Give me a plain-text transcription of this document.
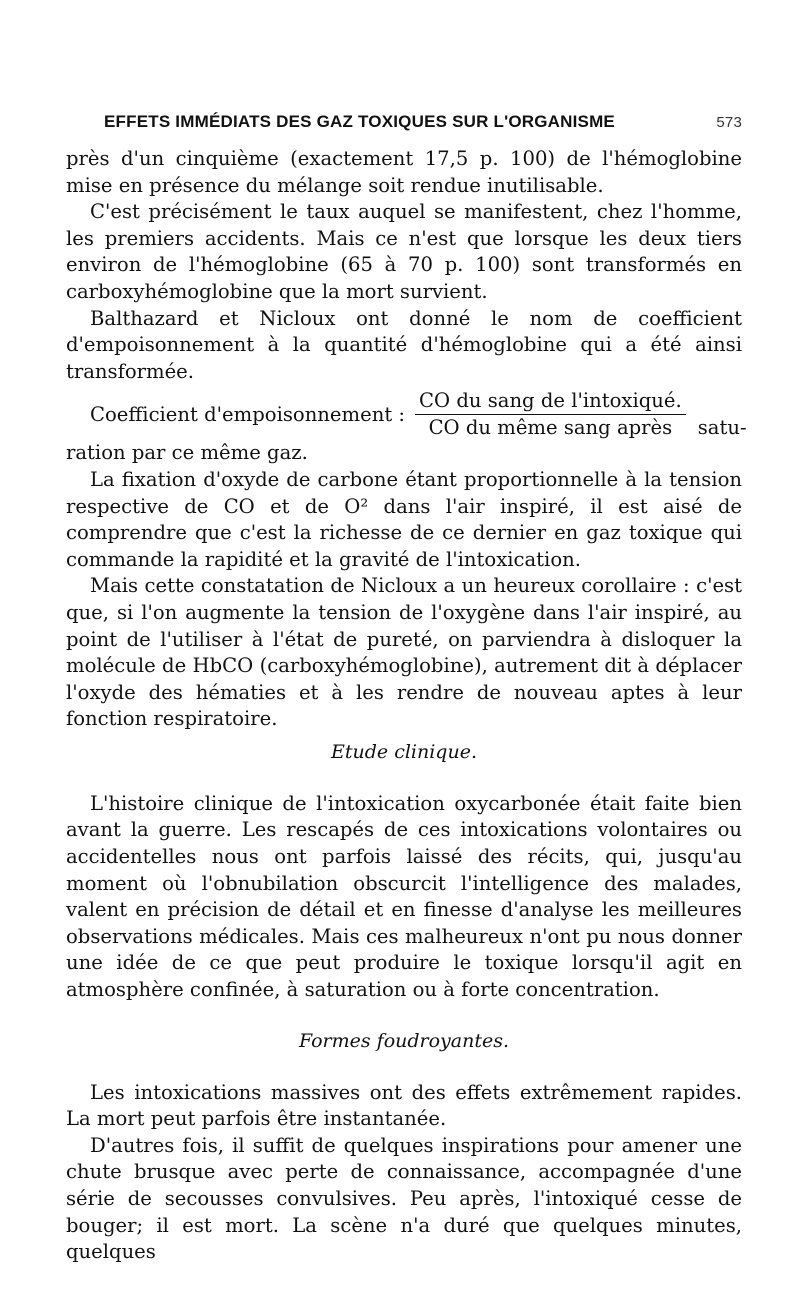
EFFETS IMMÉDIATS DES GAZ TOXIQUES SUR L'ORGANISME	573

près d'un cinquième (exactement 17,5 p. 100) de l'hémoglobine mise en présence du mélange soit rendue inutilisable.

C'est précisément le taux auquel se manifestent, chez l'homme, les premiers accidents. Mais ce n'est que lorsque les deux tiers environ de l'hémoglobine (65 à 70 p. 100) sont transformés en carboxyhémoglobine que la mort survient.

Balthazard et Nicloux ont donné le nom de coefficient d'empoisonnement à la quantité d'hémoglobine qui a été ainsi transformée.

Coefficient d'empoisonnement : $\frac{\text{CO du sang de l'intoxiqué.}}{\text{CO du même sang après}}$ satu-

ration par ce même gaz.

La fixation d'oxyde de carbone étant proportionnelle à la tension respective de CO et de O² dans l'air inspiré, il est aisé de comprendre que c'est la richesse de ce dernier en gaz toxique qui commande la rapidité et la gravité de l'intoxication.

Mais cette constatation de Nicloux a un heureux corollaire : c'est que, si l'on augmente la tension de l'oxygène dans l'air inspiré, au point de l'utiliser à l'état de pureté, on parviendra à disloquer la molécule de HbCO (carboxyhémoglobine), autrement dit à déplacer l'oxyde des hématies et à les rendre de nouveau aptes à leur fonction respiratoire.

Etude clinique.

L'histoire clinique de l'intoxication oxycarbonée était faite bien avant la guerre. Les rescapés de ces intoxications volontaires ou accidentelles nous ont parfois laissé des récits, qui, jusqu'au moment où l'obnubilation obscurcit l'intelligence des malades, valent en précision de détail et en finesse d'analyse les meilleures observations médicales. Mais ces malheureux n'ont pu nous donner une idée de ce que peut produire le toxique lorsqu'il agit en atmosphère confinée, à saturation ou à forte concentration.

Formes foudroyantes.

Les intoxications massives ont des effets extrêmement rapides. La mort peut parfois être instantanée.

D'autres fois, il suffit de quelques inspirations pour amener une chute brusque avec perte de connaissance, accompagnée d'une série de secousses convulsives. Peu après, l'intoxiqué cesse de bouger; il est mort. La scène n'a duré que quelques minutes, quelques
